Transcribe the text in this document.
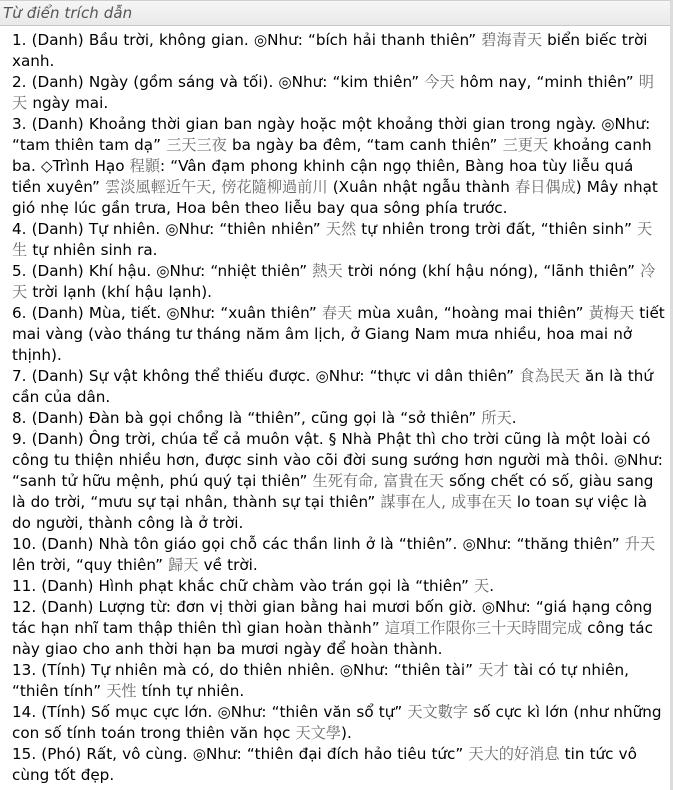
Từ điển trích dẫn

1. (Danh) Bầu trời, không gian. ◎Như: “bích hải thanh thiên” 碧海青天 biển biếc trời xanh.

2. (Danh) Ngày (gồm sáng và tối). ◎Như: “kim thiên” 今天 hôm nay, “minh thiên” 明天 ngày mai.

3. (Danh) Khoảng thời gian ban ngày hoặc một khoảng thời gian trong ngày. ◎Như: “tam thiên tam dạ” 三天三夜 ba ngày ba đêm, “tam canh thiên” 三更天 khoảng canh ba. ◇Trình Hạo 程顥: “Vân đạm phong khinh cận ngọ thiên, Bàng hoa tùy liễu quá tiền xuyên” 雲淡風輕近午天, 傍花隨柳過前川 (Xuân nhật ngẫu thành 春日偶成) Mây nhạt gió nhẹ lúc gần trưa, Hoa bên theo liễu bay qua sông phía trước.

4. (Danh) Tự nhiên. ◎Như: “thiên nhiên” 天然 tự nhiên trong trời đất, “thiên sinh” 天生 tự nhiên sinh ra.

5. (Danh) Khí hậu. ◎Như: “nhiệt thiên” 熱天 trời nóng (khí hậu nóng), “lãnh thiên” 冷天 trời lạnh (khí hậu lạnh).

6. (Danh) Mùa, tiết. ◎Như: “xuân thiên” 春天 mùa xuân, “hoàng mai thiên” 黃梅天 tiết mai vàng (vào tháng tư tháng năm âm lịch, ở Giang Nam mưa nhiều, hoa mai nở thịnh).

7. (Danh) Sự vật không thể thiếu được. ◎Như: “thực vi dân thiên” 食為民天 ăn là thứ cần của dân.

8. (Danh) Đàn bà gọi chồng là “thiên”, cũng gọi là “sở thiên” 所天.

9. (Danh) Ông trời, chúa tể cả muôn vật. § Nhà Phật thì cho trời cũng là một loài có công tu thiện nhiều hơn, được sinh vào cõi đời sung sướng hơn người mà thôi. ◎Như: “sanh tử hữu mệnh, phú quý tại thiên” 生死有命, 富貴在天 sống chết có số, giàu sang là do trời, “mưu sự tại nhân, thành sự tại thiên” 謀事在人, 成事在天 lo toan sự việc là do người, thành công là ở trời.

10. (Danh) Nhà tôn giáo gọi chỗ các thần linh ở là “thiên”. ◎Như: “thăng thiên” 升天 lên trời, “quy thiên” 歸天 về trời.

11. (Danh) Hình phạt khắc chữ chàm vào trán gọi là “thiên” 天.

12. (Danh) Lượng từ: đơn vị thời gian bằng hai mươi bốn giờ. ◎Như: “giá hạng công tác hạn nhĩ tam thập thiên thì gian hoàn thành” 這項工作限你三十天時間完成 công tác này giao cho anh thời hạn ba mươi ngày để hoàn thành.

13. (Tính) Tự nhiên mà có, do thiên nhiên. ◎Như: “thiên tài” 天才 tài có tự nhiên, “thiên tính” 天性 tính tự nhiên.

14. (Tính) Số mục cực lớn. ◎Như: “thiên văn sổ tự” 天文數字 số cực kì lớn (như những con số tính toán trong thiên văn học 天文學).

15. (Phó) Rất, vô cùng. ◎Như: “thiên đại đích hảo tiêu tức” 天大的好消息 tin tức vô cùng tốt đẹp.
